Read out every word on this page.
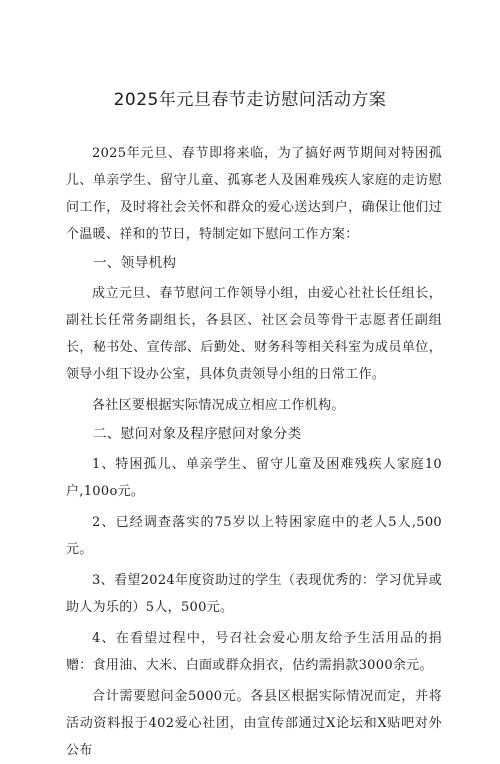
2025年元旦春节走访慰问活动方案

2025年元旦、春节即将来临，为了搞好两节期间对特困孤儿、单亲学生、留守儿童、孤寡老人及困难残疾人家庭的走访慰问工作，及时将社会关怀和群众的爱心送达到户，确保让他们过个温暖、祥和的节日，特制定如下慰问工作方案：

一、领导机构

成立元旦、春节慰问工作领导小组，由爱心社社长任组长，副社长任常务副组长，各县区、社区会员等骨干志愿者任副组长，秘书处、宣传部、后勤处、财务科等相关科室为成员单位，领导小组下设办公室，具体负责领导小组的日常工作。

各社区要根据实际情况成立相应工作机构。

二、慰问对象及程序慰问对象分类

1、特困孤儿、单亲学生、留守儿童及困难残疾人家庭10户,100o元。

2、已经调查落实的75岁以上特困家庭中的老人5人,500元。

3、看望2024年度资助过的学生（表现优秀的：学习优异或助人为乐的）5人，500元。

4、在看望过程中，号召社会爱心朋友给予生活用品的捐赠：食用油、大米、白面或群众捐衣，估约需捐款3000余元。

合计需要慰问金5000元。各县区根据实际情况而定，并将活动资料报于402爱心社团，由宣传部通过X论坛和X贴吧对外公布
